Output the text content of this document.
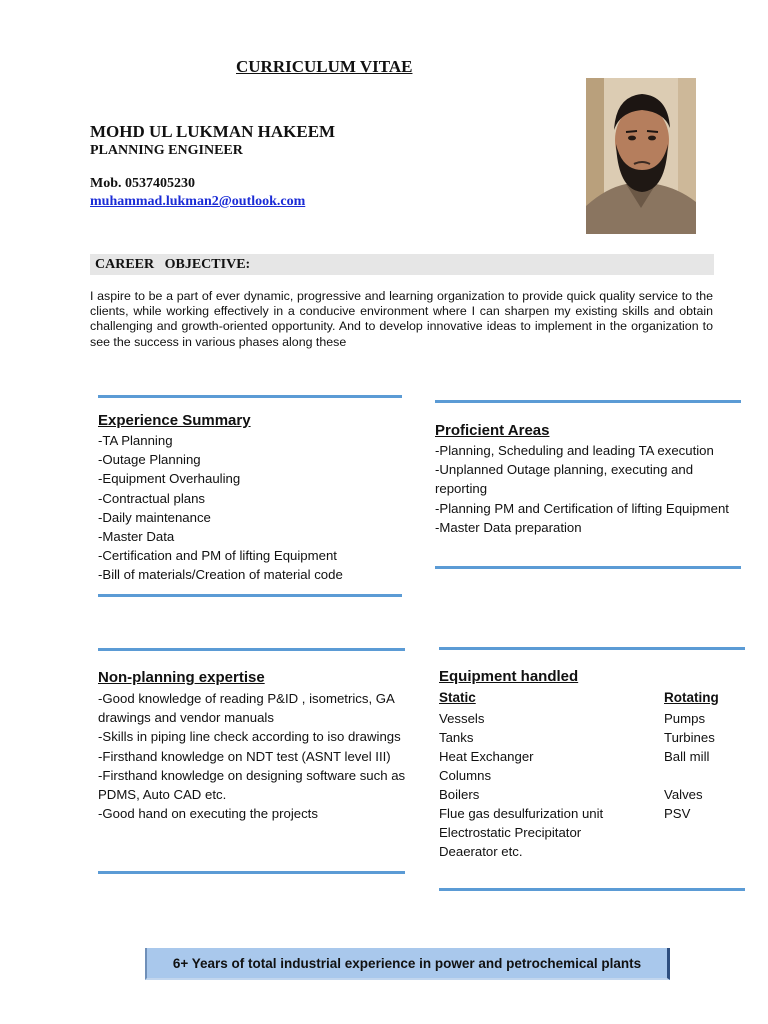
CURRICULUM VITAE
MOHD UL LUKMAN HAKEEM
PLANNING ENGINEER
Mob. 0537405230
muhammad.lukman2@outlook.com
CAREER   OBJECTIVE:
I aspire to be a part of ever dynamic, progressive and learning organization to provide quick quality service to the clients, while working effectively in a conducive environment where I can sharpen my existing skills and obtain challenging and growth-oriented opportunity. And to develop innovative ideas to implement in the organization to see the success in various phases along these
Experience Summary
-TA Planning
-Outage Planning
-Equipment Overhauling
-Contractual plans
-Daily maintenance
-Master Data
-Certification and PM of lifting Equipment
-Bill of materials/Creation of material code
Proficient Areas
-Planning, Scheduling and leading TA execution
-Unplanned Outage planning, executing and reporting
-Planning PM and Certification of lifting Equipment
-Master Data preparation
Non-planning expertise
-Good knowledge of reading P&ID , isometrics, GA drawings and vendor manuals
-Skills in piping line check according to iso drawings
-Firsthand knowledge on NDT test (ASNT level III)
-Firsthand knowledge on designing software such as PDMS, Auto CAD etc.
-Good hand on executing the projects
Equipment handled
Static	Rotating
Vessels
Tanks
Heat Exchanger
Columns
Boilers
Flue gas desulfurization unit
Electrostatic Precipitator
Deaerator etc.
Pumps
Turbines
Ball mill
Valves
PSV
6+ Years of total industrial experience in power and petrochemical plants
